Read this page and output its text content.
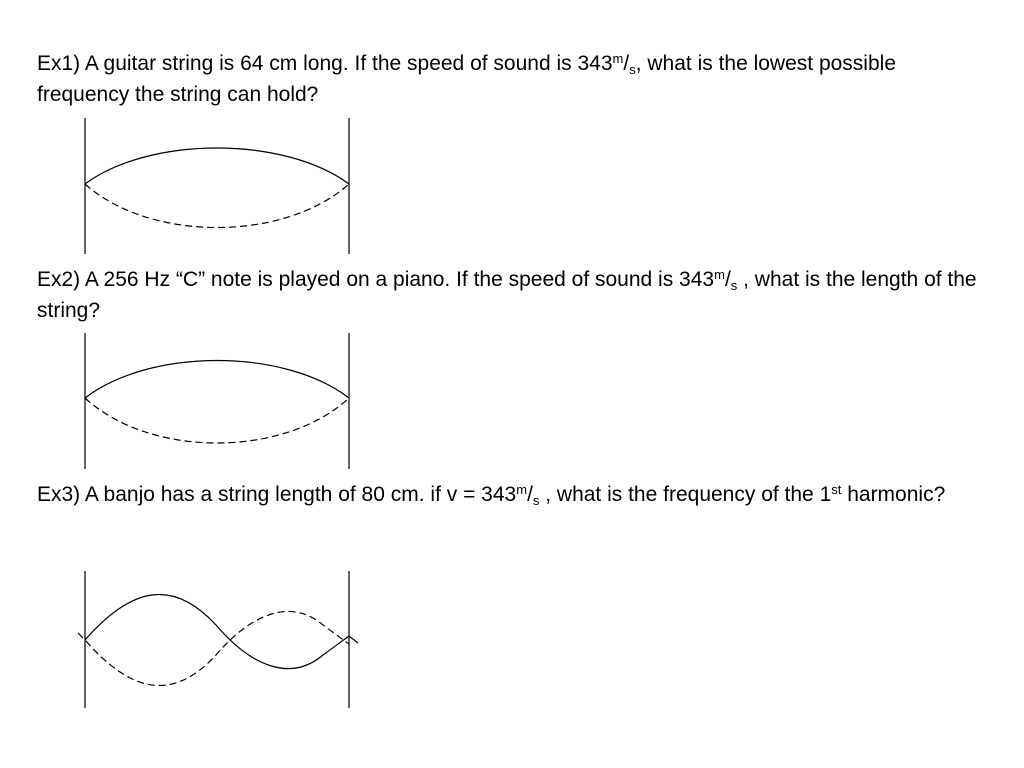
Ex1) A guitar string is 64 cm long. If the speed of sound is $343^m/_s$, what is the lowest possible frequency the string can hold?

Ex2) A 256 Hz “C” note is played on a piano. If the speed of sound is $343^m/_s$ , what is the length of the string?

Ex3) A banjo has a string length of 80 cm. if $v = 343^m/_s$ , what is the frequency of the 1st harmonic?
